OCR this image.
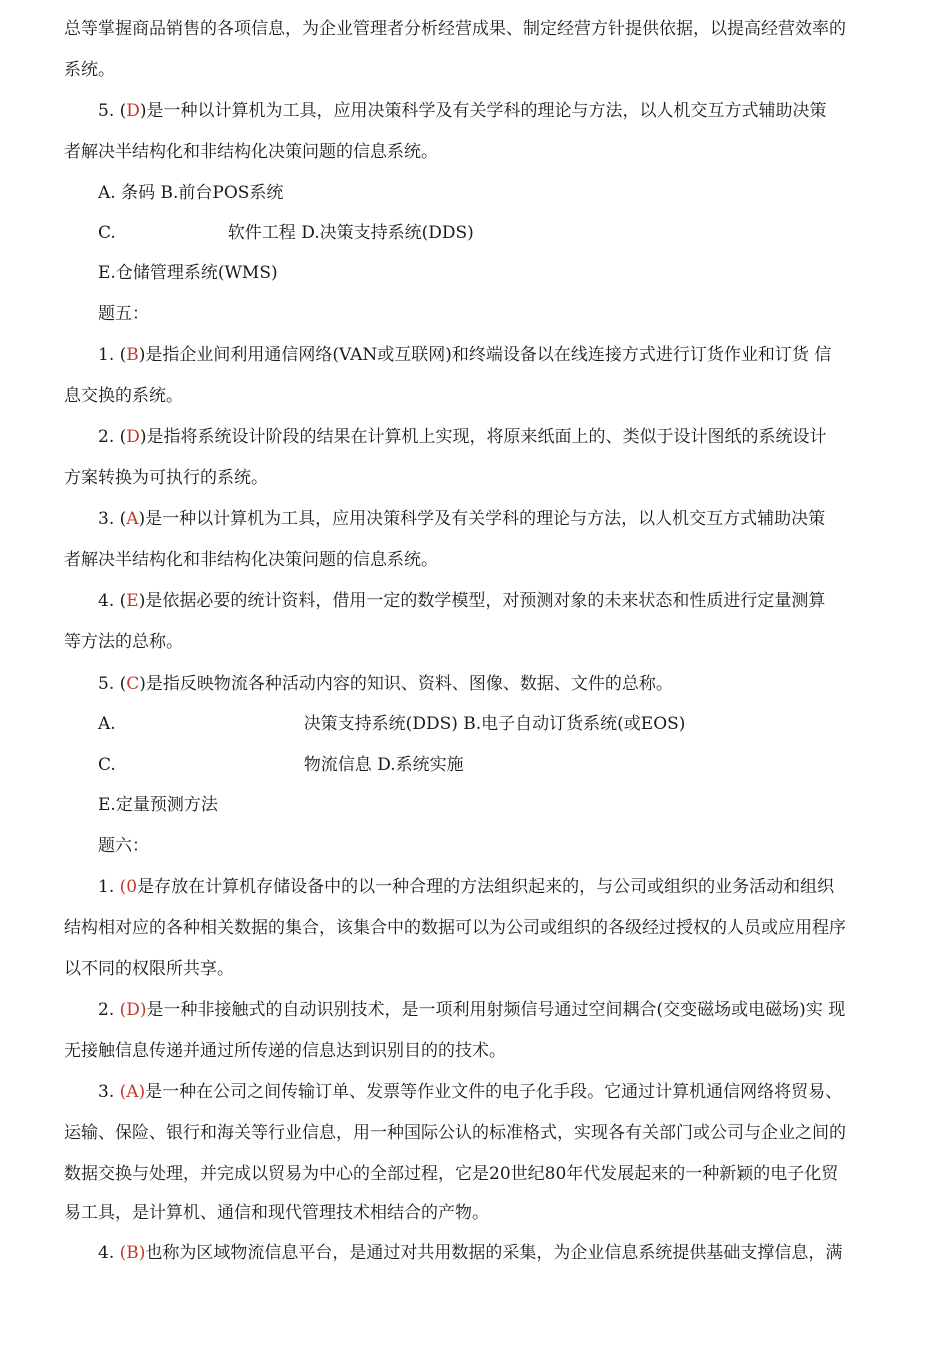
总等掌握商品销售的各项信息，为企业管理者分析经营成果、制定经营方针提供依据，以提高经营效率的
系统。
5. (D)是一种以计算机为工具，应用决策科学及有关学科的理论与方法，以人机交互方式辅助决策
者解决半结构化和非结构化决策问题的信息系统。
A. 条码 B.前台POS系统
C.	软件工程 D.决策支持系统(DDS)
E.仓储管理系统(WMS)
题五：
1. (B)是指企业间利用通信网络(VAN或互联网)和终端设备以在线连接方式进行订货作业和订货 信
息交换的系统。
2. (D)是指将系统设计阶段的结果在计算机上实现，将原来纸面上的、类似于设计图纸的系统设计
方案转换为可执行的系统。
3. (A)是一种以计算机为工具，应用决策科学及有关学科的理论与方法，以人机交互方式辅助决策
者解决半结构化和非结构化决策问题的信息系统。
4. (E)是依据必要的统计资料，借用一定的数学模型，对预测对象的未来状态和性质进行定量测算
等方法的总称。
5. (C)是指反映物流各种活动内容的知识、资料、图像、数据、文件的总称。
A.	决策支持系统(DDS) B.电子自动订货系统(或EOS)
C.	物流信息 D.系统实施
E.定量预测方法
题六：
1. (0是存放在计算机存储设备中的以一种合理的方法组织起来的，与公司或组织的业务活动和组织
结构相对应的各种相关数据的集合，该集合中的数据可以为公司或组织的各级经过授权的人员或应用程序
以不同的权限所共享。
2. (D)是一种非接触式的自动识别技术，是一项利用射频信号通过空间耦合(交变磁场或电磁场)实 现
无接触信息传递并通过所传递的信息达到识别目的的技术。
3. (A)是一种在公司之间传输订单、发票等作业文件的电子化手段。它通过计算机通信网络将贸易、
运输、保险、银行和海关等行业信息，用一种国际公认的标准格式，实现各有关部门或公司与企业之间的
数据交换与处理，并完成以贸易为中心的全部过程，它是20世纪80年代发展起来的一种新颖的电子化贸
易工具，是计算机、通信和现代管理技术相结合的产物。
4. (B)也称为区域物流信息平台，是通过对共用数据的采集，为企业信息系统提供基础支撑信息，满
